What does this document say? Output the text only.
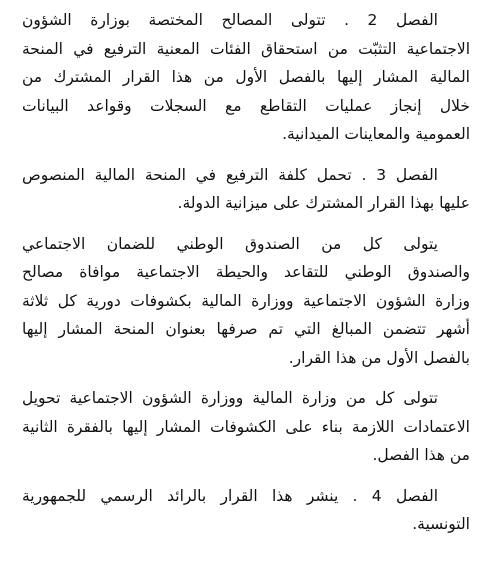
الفصل 2 . تتولى المصالح المختصة بوزارة الشؤون
الاجتماعية التثبّت من استحقاق الفئات المعنية الترفيع في المنحة
المالية المشار إليها بالفصل الأول من هذا القرار المشترك من
خلال إنجاز عمليات التقاطع مع السجلات وقواعد البيانات
العمومية والمعاينات الميدانية.

الفصل 3 . تحمل كلفة الترفيع في المنحة المالية المنصوص
عليها بهذا القرار المشترك على ميزانية الدولة.

يتولى كل من الصندوق الوطني للضمان الاجتماعي
والصندوق الوطني للتقاعد والحيطة الاجتماعية موافاة مصالح
وزارة الشؤون الاجتماعية ووزارة المالية بكشوفات دورية كل ثلاثة
أشهر تتضمن المبالغ التي تم صرفها بعنوان المنحة المشار إليها
بالفصل الأول من هذا القرار.

تتولى كل من وزارة المالية ووزارة الشؤون الاجتماعية تحويل
الاعتمادات اللازمة بناء على الكشوفات المشار إليها بالفقرة الثانية
من هذا الفصل.

الفصل 4 . ينشر هذا القرار بالرائد الرسمي للجمهورية
التونسية.
